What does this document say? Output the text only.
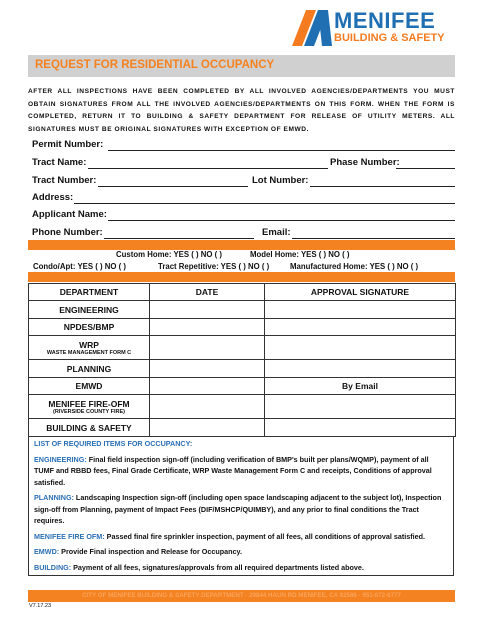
MENIFEE
BUILDING & SAFETY
REQUEST FOR RESIDENTIAL OCCUPANCY
AFTER ALL INSPECTIONS HAVE BEEN COMPLETED BY ALL INVOLVED AGENCIES/DEPARTMENTS YOU MUST OBTAIN SIGNATURES FROM ALL THE INVOLVED AGENCIES/DEPARTMENTS ON THIS FORM. WHEN THE FORM IS COMPLETED, RETURN IT TO BUILDING & SAFETY DEPARTMENT FOR RELEASE OF UTILITY METERS. ALL SIGNATURES MUST BE ORIGINAL SIGNATURES WITH EXCEPTION OF EMWD.
Permit Number:
Tract Name:	Phase Number:
Tract Number:	Lot Number:
Address:
Applicant Name:
Phone Number:	Email:
Custom Home: YES ( ) NO ( )	Model Home: YES ( ) NO ( )
Condo/Apt: YES ( ) NO ( )	Tract Repetitive: YES ( ) NO ( )	Manufactured Home: YES ( ) NO ( )
DEPARTMENT	DATE	APPROVAL SIGNATURE
ENGINEERING		
NPDES/BMP		
WRP
WASTE MANAGEMENT FORM C		

PLANNING		
EMWD		By Email
MENIFEE FIRE-OFM
(RIVERSIDE COUNTY FIRE)		

BUILDING & SAFETY		

LIST OF REQUIRED ITEMS FOR OCCUPANCY:

ENGINEERING: Final field inspection sign-off (including verification of BMP's built per plans/WQMP), payment of all TUMF and RBBD fees, Final Grade Certificate, WRP Waste Management Form C and receipts, Conditions of approval satisfied.

PLANNING: Landscaping Inspection sign-off (including open space landscaping adjacent to the subject lot), Inspection sign-off from Planning, payment of Impact Fees (DIF/MSHCP/QUIMBY), and any prior to final conditions the Tract requires.

MENIFEE FIRE OFM: Passed final fire sprinkler inspection, payment of all fees, all conditions of approval satisfied.

EMWD: Provide Final inspection and Release for Occupancy.

BUILDING: Payment of all fees, signatures/approvals from all required departments listed above.

CITY OF MENIFEE BUILDING & SAFETY DEPARTMENT · 29844 HAUN RD MENIFEE, CA 92586 · 951-672-6777
V7.17.23
